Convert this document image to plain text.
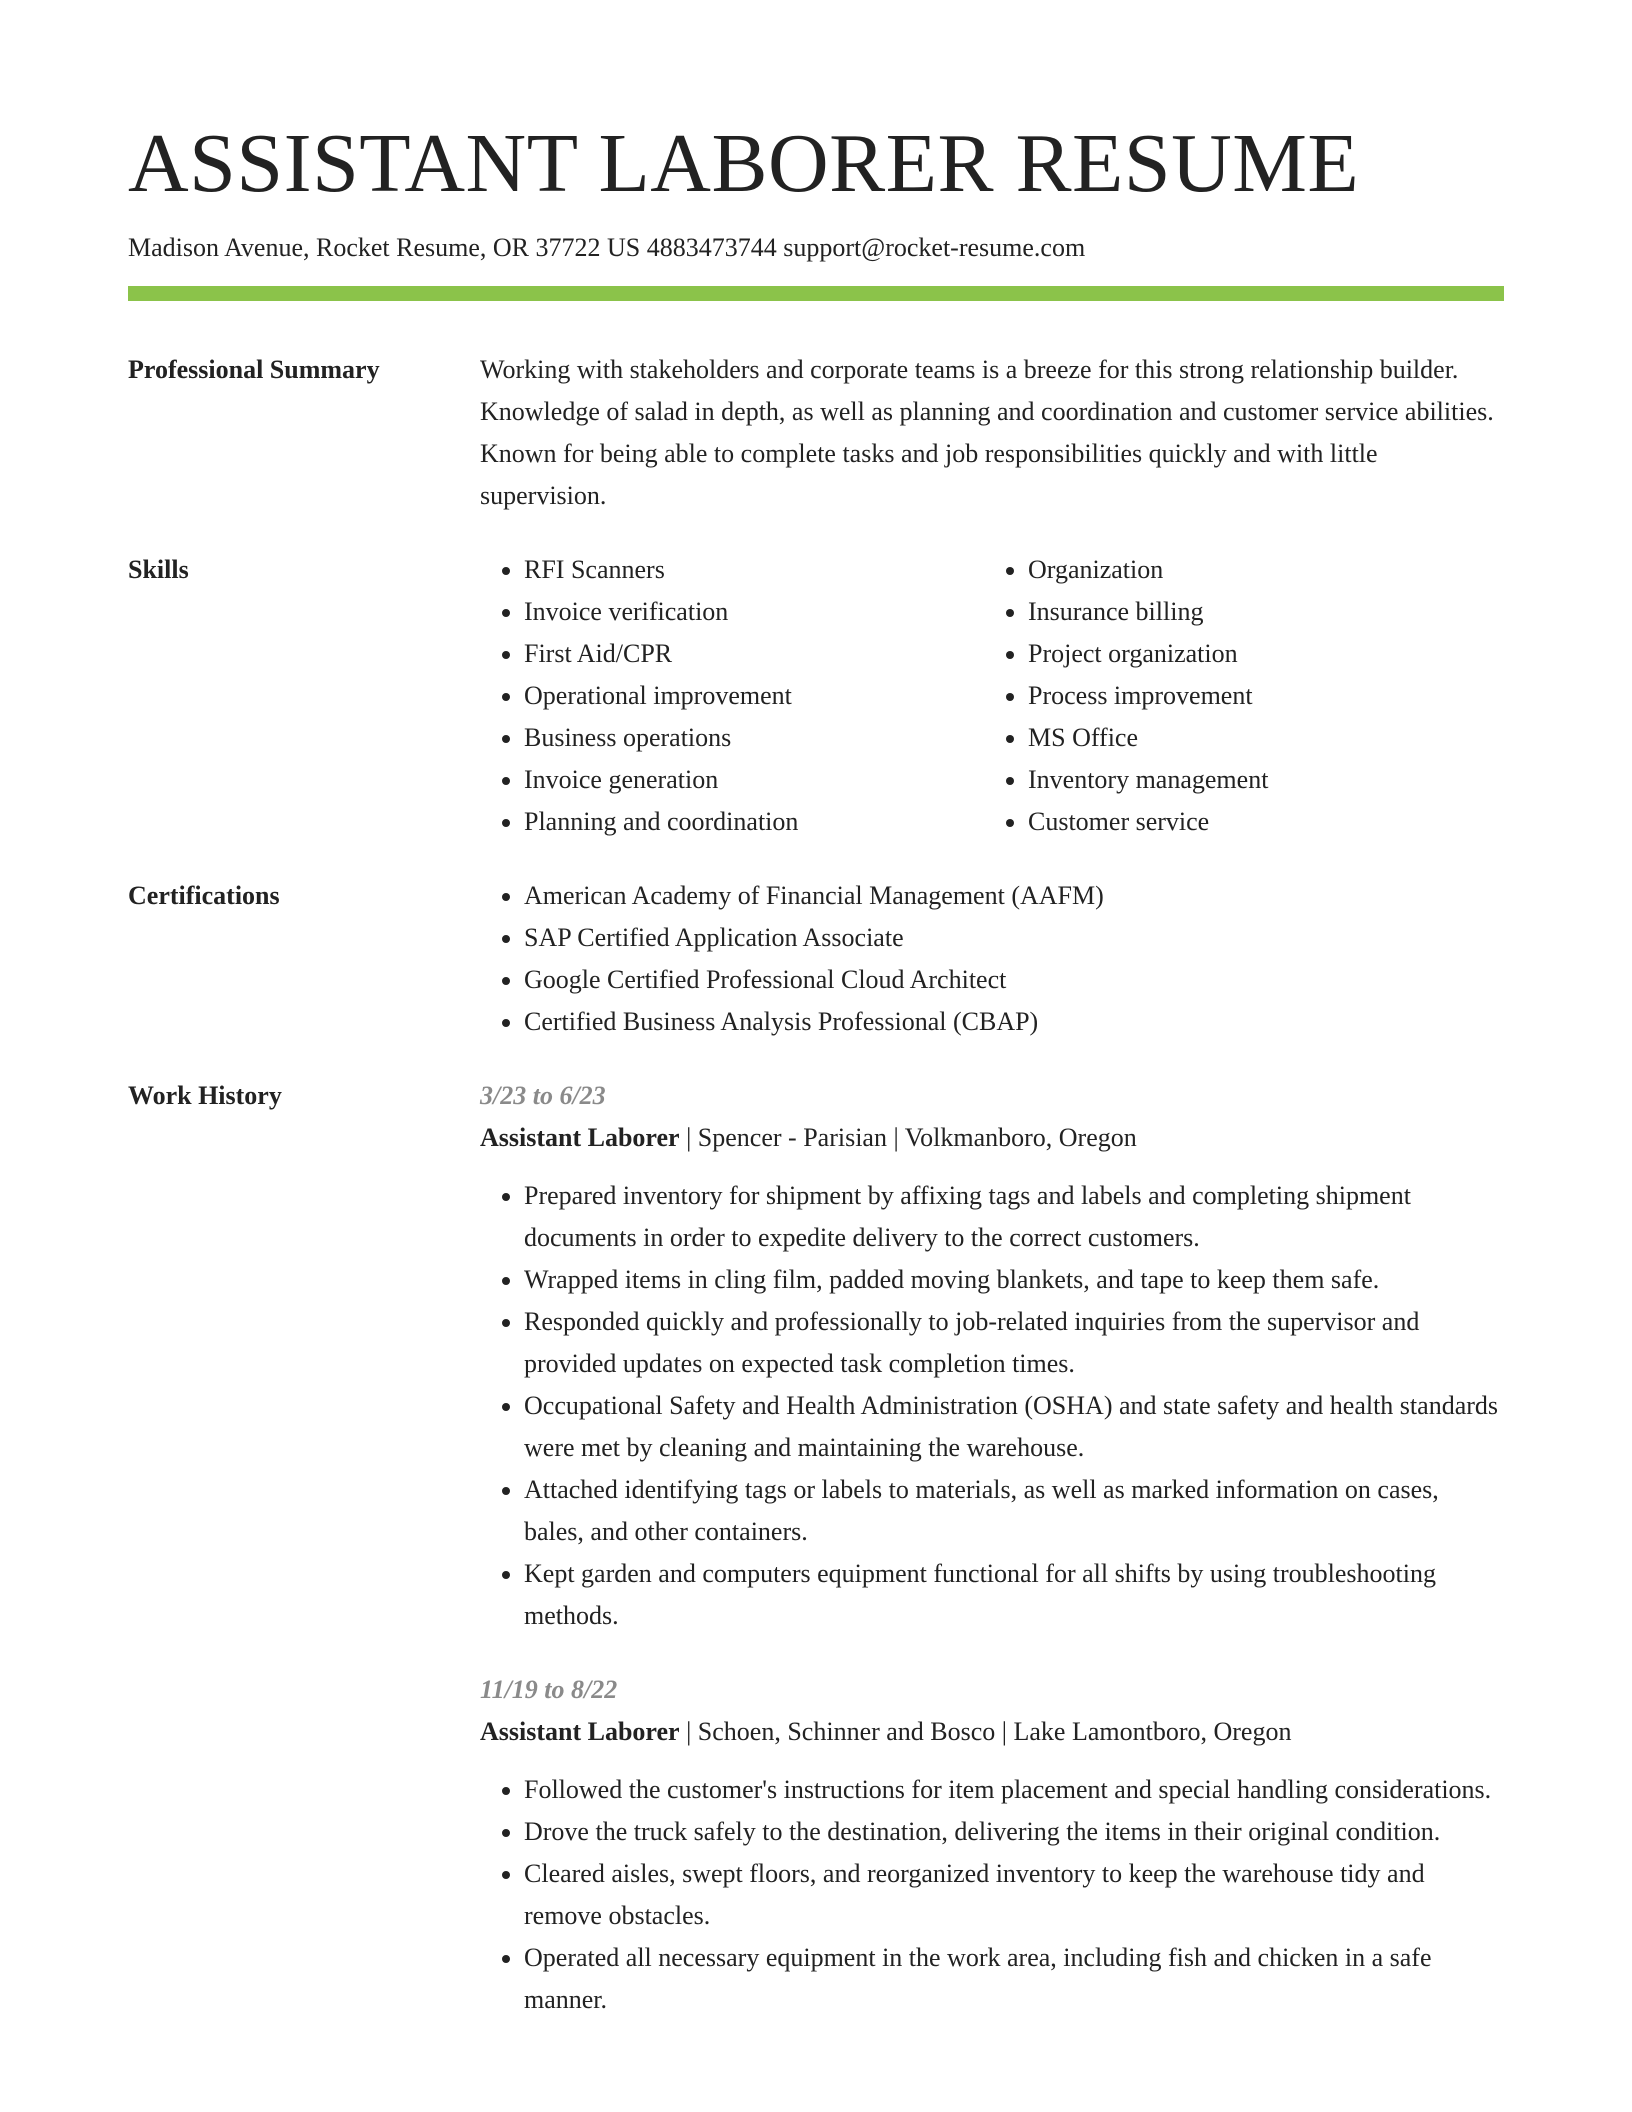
ASSISTANT LABORER RESUME
Madison Avenue, Rocket Resume, OR 37722 US 4883473744 support@rocket-resume.com
Professional Summary	Working with stakeholders and corporate teams is a breeze for this strong relationship builder. Knowledge of salad in depth, as well as planning and coordination and customer service abilities. Known for being able to complete tasks and job responsibilities quickly and with little supervision.

Skills	• RFI Scanners
• Invoice verification
• First Aid/CPR
• Operational improvement
• Business operations
• Invoice generation
• Planning and coordination
• Organization
• Insurance billing
• Project organization
• Process improvement
• MS Office
• Inventory management
• Customer service
Certifications	• American Academy of Financial Management (AAFM)
• SAP Certified Application Associate
• Google Certified Professional Cloud Architect
• Certified Business Analysis Professional (CBAP)
Work History	3/23 to 6/23
Assistant Laborer | Spencer - Parisian | Volkmanboro, Oregon
• Prepared inventory for shipment by affixing tags and labels and completing shipment documents in order to expedite delivery to the correct customers.
• Wrapped items in cling film, padded moving blankets, and tape to keep them safe.
• Responded quickly and professionally to job-related inquiries from the supervisor and provided updates on expected task completion times.
• Occupational Safety and Health Administration (OSHA) and state safety and health standards were met by cleaning and maintaining the warehouse.
• Attached identifying tags or labels to materials, as well as marked information on cases, bales, and other containers.
• Kept garden and computers equipment functional for all shifts by using troubleshooting methods.
11/19 to 8/22
Assistant Laborer | Schoen, Schinner and Bosco | Lake Lamontboro, Oregon
• Followed the customer's instructions for item placement and special handling considerations.
• Drove the truck safely to the destination, delivering the items in their original condition.
• Cleared aisles, swept floors, and reorganized inventory to keep the warehouse tidy and remove obstacles.
• Operated all necessary equipment in the work area, including fish and chicken in a safe manner.
